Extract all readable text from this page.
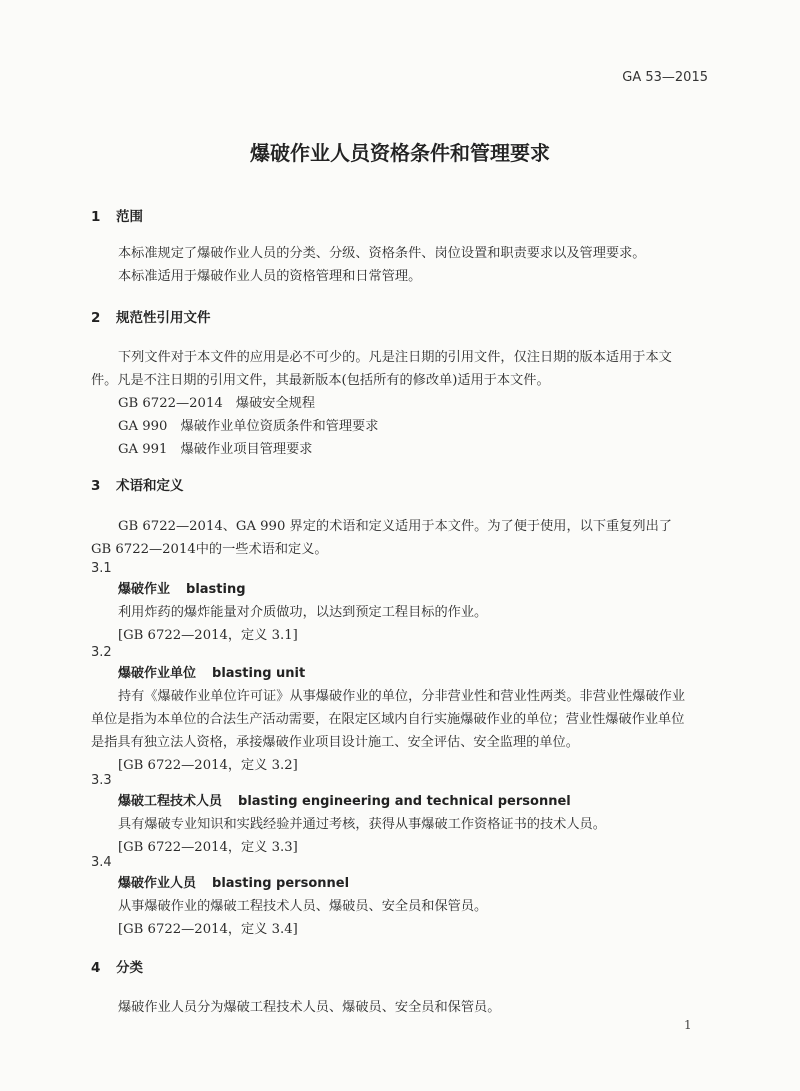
GA 53—2015
爆破作业人员资格条件和管理要求
1 范围
本标准规定了爆破作业人员的分类、分级、资格条件、岗位设置和职责要求以及管理要求。
本标准适用于爆破作业人员的资格管理和日常管理。
2 规范性引用文件
下列文件对于本文件的应用是必不可少的。凡是注日期的引用文件，仅注日期的版本适用于本文
件。凡是不注日期的引用文件，其最新版本(包括所有的修改单)适用于本文件。
GB 6722—2014　爆破安全规程
GA 990　爆破作业单位资质条件和管理要求
GA 991　爆破作业项目管理要求
3 术语和定义
GB 6722—2014、GA 990 界定的术语和定义适用于本文件。为了便于使用，以下重复列出了
GB 6722—2014中的一些术语和定义。
3.1
爆破作业 blasting
利用炸药的爆炸能量对介质做功，以达到预定工程目标的作业。
[GB 6722—2014，定义 3.1]
3.2
爆破作业单位 blasting unit
持有《爆破作业单位许可证》从事爆破作业的单位，分非营业性和营业性两类。非营业性爆破作业
单位是指为本单位的合法生产活动需要，在限定区域内自行实施爆破作业的单位；营业性爆破作业单位
是指具有独立法人资格，承接爆破作业项目设计施工、安全评估、安全监理的单位。
[GB 6722—2014，定义 3.2]
3.3
爆破工程技术人员 blasting engineering and technical personnel
具有爆破专业知识和实践经验并通过考核，获得从事爆破工作资格证书的技术人员。
[GB 6722—2014，定义 3.3]
3.4
爆破作业人员 blasting personnel
从事爆破作业的爆破工程技术人员、爆破员、安全员和保管员。
[GB 6722—2014，定义 3.4]
4 分类
爆破作业人员分为爆破工程技术人员、爆破员、安全员和保管员。
1
